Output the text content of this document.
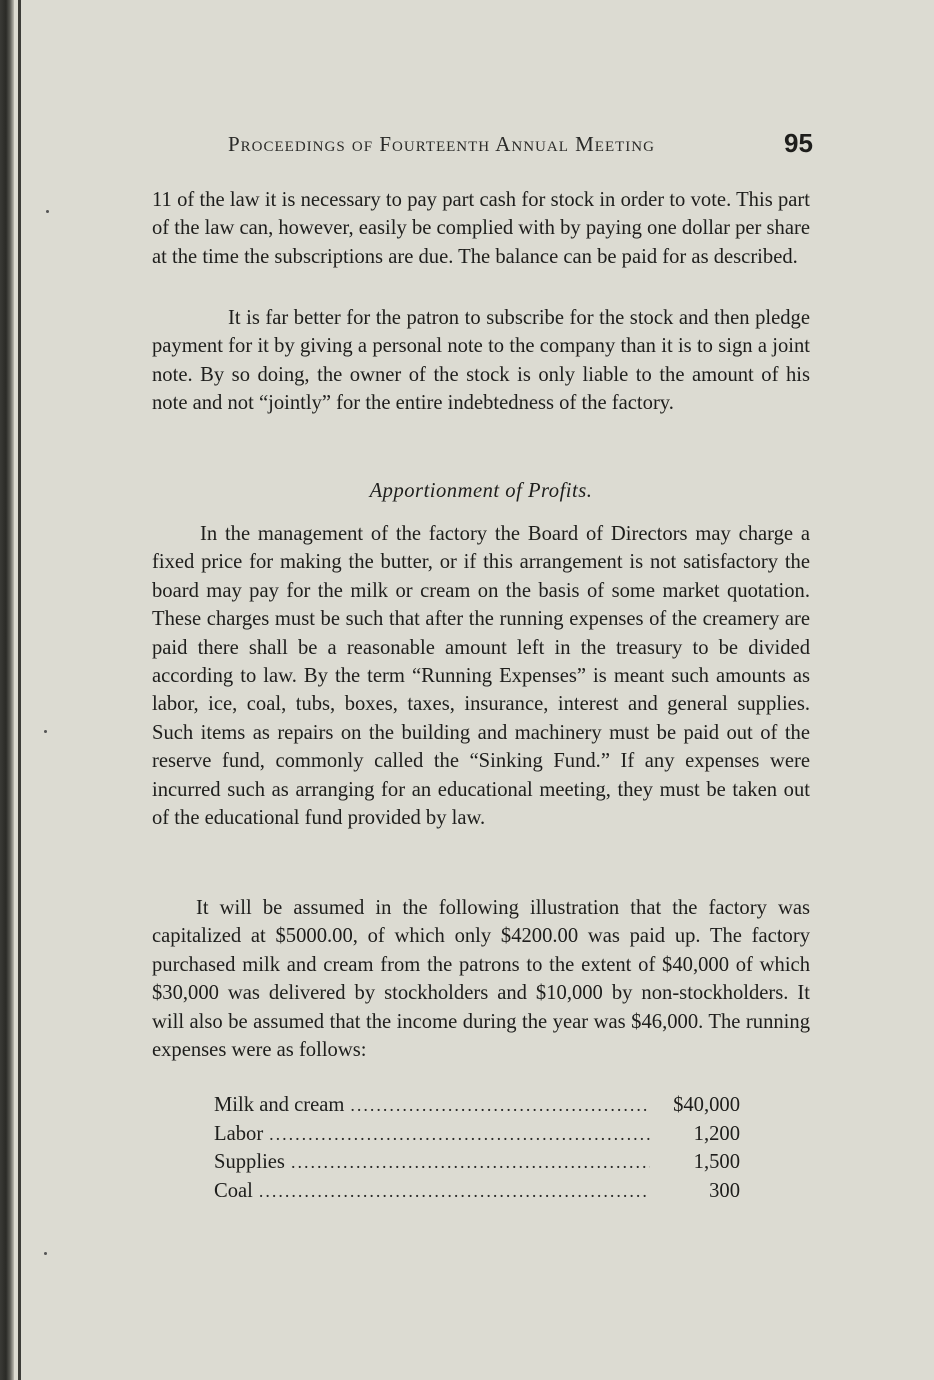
Proceedings of Fourteenth Annual Meeting	95

11 of the law it is necessary to pay part cash for stock in order to vote. This part of the law can, however, easily be complied with by paying one dollar per share at the time the subscriptions are due. The balance can be paid for as described.

It is far better for the patron to subscribe for the stock and then pledge payment for it by giving a personal note to the company than it is to sign a joint note. By so doing, the owner of the stock is only liable to the amount of his note and not “jointly” for the entire indebtedness of the factory.

Apportionment of Profits.

In the management of the factory the Board of Directors may charge a fixed price for making the butter, or if this arrangement is not satisfactory the board may pay for the milk or cream on the basis of some market quotation. These charges must be such that after the running expenses of the creamery are paid there shall be a reasonable amount left in the treasury to be divided according to law. By the term “Running Expenses” is meant such amounts as labor, ice, coal, tubs, boxes, taxes, insurance, interest and general supplies. Such items as repairs on the building and machinery must be paid out of the reserve fund, commonly called the “Sinking Fund.” If any expenses were incurred such as arranging for an educational meeting, they must be taken out of the educational fund provided by law.

It will be assumed in the following illustration that the factory was capitalized at $5000.00, of which only $4200.00 was paid up. The factory purchased milk and cream from the patrons to the extent of $40,000 of which $30,000 was delivered by stockholders and $10,000 by non-stockholders. It will also be assumed that the income during the year was $46,000. The running expenses were as follows:

Milk and cream .....	$40,000
Labor .....	1,200
Supplies .....	1,500
Coal .....	300
